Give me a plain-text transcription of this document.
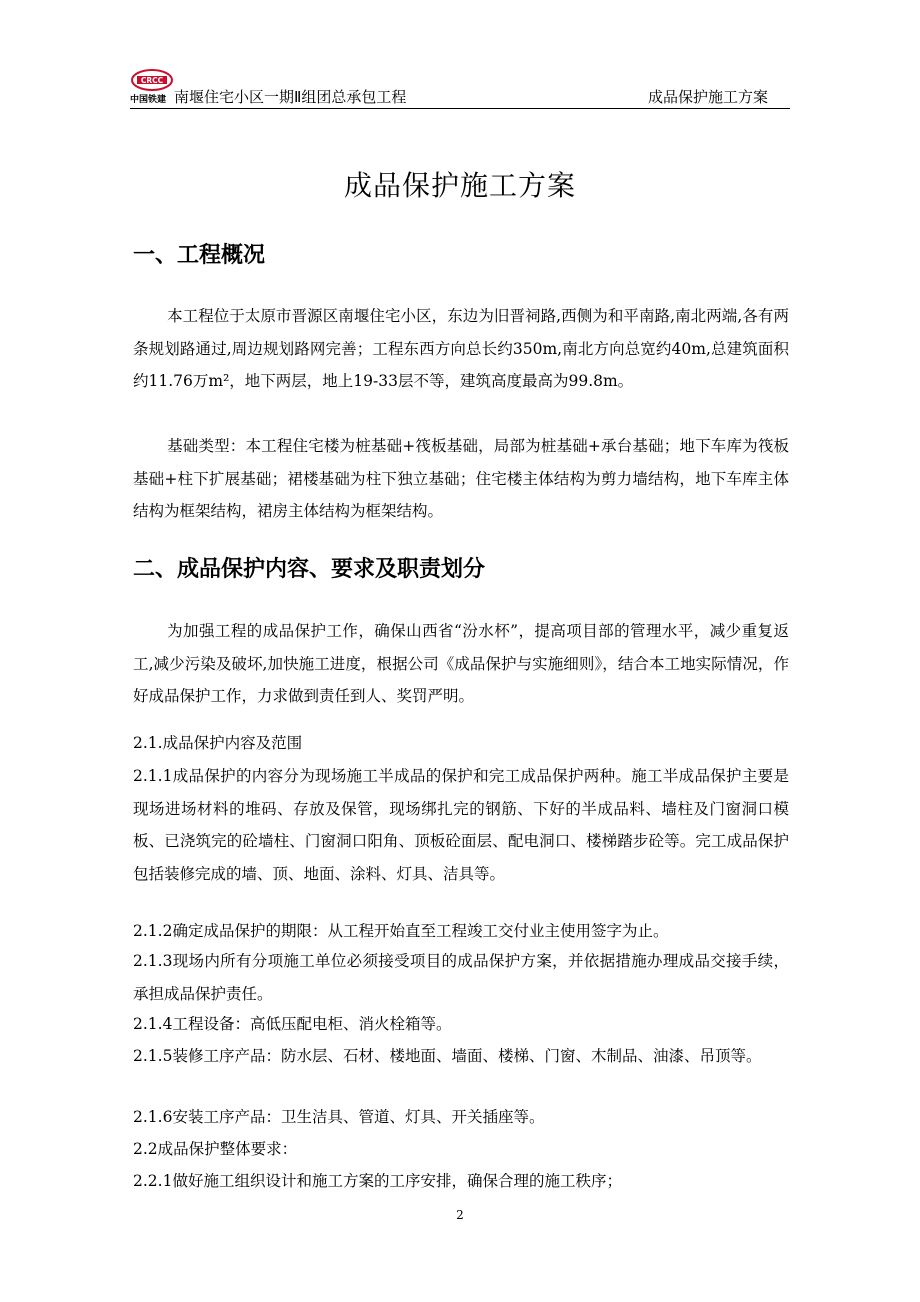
CRCC
中国铁建 南堰住宅小区一期Ⅱ组团总承包工程	成品保护施工方案
成品保护施工方案
一、工程概况
本工程位于太原市晋源区南堰住宅小区，东边为旧晋祠路,西侧为和平南路,南北两端,各有两条规划路通过,周边规划路网完善；工程东西方向总长约350m,南北方向总宽约40m,总建筑面积约11.76万m²，地下两层，地上19-33层不等，建筑高度最高为99.8m。
基础类型：本工程住宅楼为桩基础+筏板基础，局部为桩基础+承台基础；地下车库为筏板基础+柱下扩展基础；裙楼基础为柱下独立基础；住宅楼主体结构为剪力墙结构，地下车库主体结构为框架结构，裙房主体结构为框架结构。
二、成品保护内容、要求及职责划分
为加强工程的成品保护工作，确保山西省“汾水杯”，提高项目部的管理水平，减少重复返工,减少污染及破坏,加快施工进度，根据公司《成品保护与实施细则》，结合本工地实际情况，作好成品保护工作，力求做到责任到人、奖罚严明。
2.1.成品保护内容及范围
2.1.1成品保护的内容分为现场施工半成品的保护和完工成品保护两种。施工半成品保护主要是现场进场材料的堆码、存放及保管，现场绑扎完的钢筋、下好的半成品料、墙柱及门窗洞口模板、已浇筑完的砼墙柱、门窗洞口阳角、顶板砼面层、配电洞口、楼梯踏步砼等。完工成品保护包括装修完成的墙、顶、地面、涂料、灯具、洁具等。
2.1.2确定成品保护的期限：从工程开始直至工程竣工交付业主使用签字为止。
2.1.3现场内所有分项施工单位必须接受项目的成品保护方案，并依据措施办理成品交接手续，承担成品保护责任。
2.1.4工程设备：高低压配电柜、消火栓箱等。
2.1.5装修工序产品：防水层、石材、楼地面、墙面、楼梯、门窗、木制品、油漆、吊顶等。
2.1.6安装工序产品：卫生洁具、管道、灯具、开关插座等。
2.2成品保护整体要求：
2.2.1做好施工组织设计和施工方案的工序安排，确保合理的施工秩序；
2
